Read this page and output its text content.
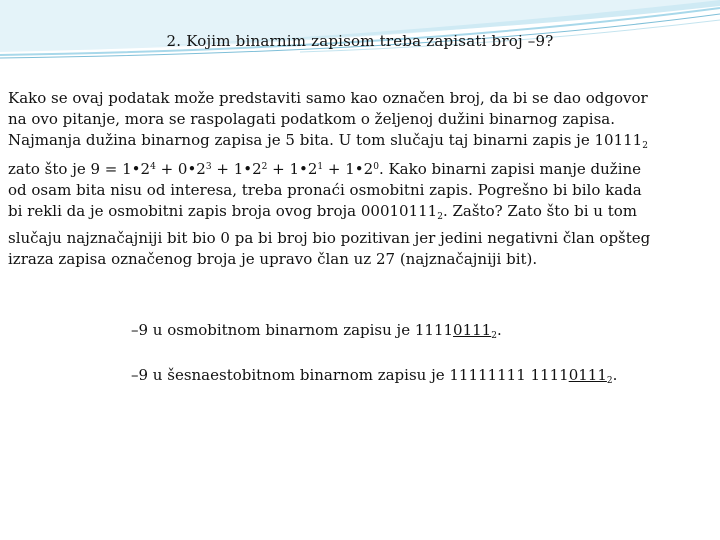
2. Kojim binarnim zapisom treba zapisati broj –9?

Kako se ovaj podatak može predstaviti samo kao označen broj, da bi se dao odgovor na ovo pitanje, mora se raspolagati podatkom o željenoj dužini binarnog zapisa. Najmanja dužina binarnog zapisa je 5 bita. U tom slučaju taj binarni zapis je $10111_2$ zato što je $9 = 1•2^4$ + $0•2^3$ + $1•2^2$ + $1•2^1$ + $1•2^0$. Kako binarni zapisi manje dužine od osam bita nisu od interesa, treba pronaći osmobitni zapis. Pogrešno bi bilo kada bi rekli da je osmobitni zapis broja ovog broja $00010111_2$. Zašto? Zato što bi u tom slučaju najznačajniji bit bio 0 pa bi broj bio pozitivan jer jedini negativni član opšteg izraza zapisa označenog broja je upravo član uz 27 (najznačajniji bit).

–9 u osmobitnom binarnom zapisu je $11110111_2$.

–9 u šesnaestobitnom binarnom zapisu je 11111111 $11110111_2$.
